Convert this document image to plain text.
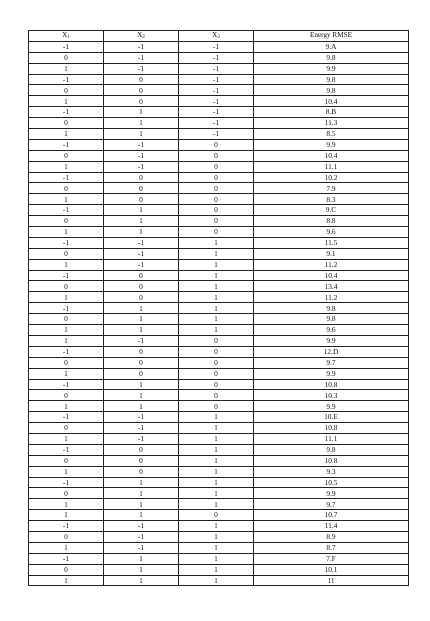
$X_1$	$X_2$	$X_3$	Energy RMSE
-1	-1	-1	9.A
0	-1	-1	9.8
1	-1	-1	9.9
-1	0	-1	9.8
0	0	-1	9.8
1	0	-1	10.4
-1	1	-1	8.B
0	1	-1	11.3
1	1	-1	8.5
-1	-1	0	9.9
0	-1	0	10.4
1	-1	0	11.1
-1	0	0	10.2
0	0	0	7.9
1	0	0	8.3
-1	1	0	9.C
0	1	0	8.8
1	1	0	9.6
-1	-1	1	11.5
0	-1	1	9.1
1	-1	1	11.2
-1	0	1	10.4
0	0	1	13.4
1	0	1	11.2
-1	1	1	9.8
0	1	1	9.8
1	1	1	9.6
1	-1	0	9.9
-1	0	0	12.D
0	0	0	9.7
1	0	0	9.9
-1	1	0	10.8
0	1	0	10.3
1	1	0	9.9
-1	-1	1	10.E
0	-1	1	10.8
1	-1	1	11.1
-1	0	1	9.8
0	0	1	10.8
1	0	1	9.3
-1	1	1	10.5
0	1	1	9.9
1	1	1	9.7
1	1	0	10.7
-1	-1	1	11.4
0	-1	1	8.9
1	-1	1	8.7
-1	1	1	7.F
0	1	1	10.1
1	1	1	11
